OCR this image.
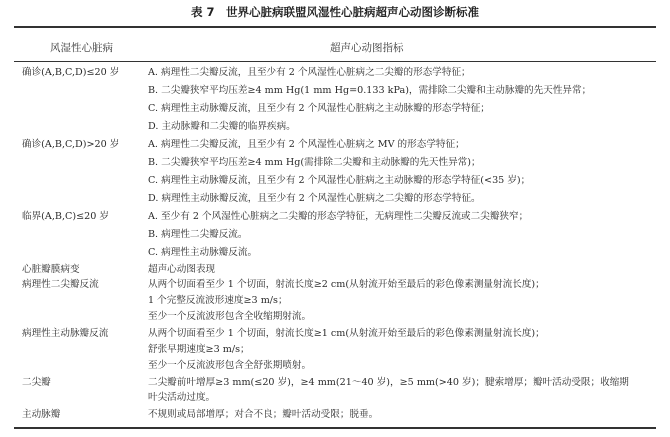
表 7　世界心脏病联盟风湿性心脏病超声心动图诊断标准
风湿性心脏病	超声心动图指标
确诊(A,B,C,D)≤20 岁	A. 病理性二尖瓣反流，且至少有 2 个风湿性心脏病之二尖瓣的形态学特征；
B. 二尖瓣狭窄平均压差≥4 mm Hg(1 mm Hg=0.133 kPa)，需排除二尖瓣和主动脉瓣的先天性异常；
C. 病理性主动脉瓣反流，且至少有 2 个风湿性心脏病之主动脉瓣的形态学特征；
D. 主动脉瓣和二尖瓣的临界疾病。
确诊(A,B,C,D)>20 岁	A. 病理性二尖瓣反流，且至少有 2 个风湿性心脏病之 MV 的形态学特征；
B. 二尖瓣狭窄平均压差≥4 mm Hg(需排除二尖瓣和主动脉瓣的先天性异常)；
C. 病理性主动脉瓣反流，且至少有 2 个风湿性心脏病之主动脉瓣的形态学特征(<35 岁)；
D. 病理性主动脉瓣反流，且至少有 2 个风湿性心脏病之二尖瓣的形态学特征。
临界(A,B,C)≤20 岁	A. 至少有 2 个风湿性心脏病之二尖瓣的形态学特征，无病理性二尖瓣反流或二尖瓣狭窄；
B. 病理性二尖瓣反流。
C. 病理性主动脉瓣反流。
心脏瓣膜病变	超声心动图表现
病理性二尖瓣反流	从两个切面看至少 1 个切面，射流长度≥2 cm(从射流开始至最后的彩色像素测量射流长度)；
1 个完整反流波形速度≥3 m/s；
至少一个反流波形包含全收缩期射流。
病理性主动脉瓣反流	从两个切面看至少 1 个切面，射流长度≥1 cm(从射流开始至最后的彩色像素测量射流长度)；
舒张早期速度≥3 m/s；
至少一个反流波形包含全舒张期喷射。
二尖瓣	二尖瓣前叶增厚≥3 mm(≤20 岁)，≥4 mm(21～40 岁)，≥5 mm(>40 岁)；腱索增厚；瓣叶活动受限；收缩期
叶尖活动过度。
主动脉瓣	不规则或局部增厚；对合不良；瓣叶活动受限；脱垂。
